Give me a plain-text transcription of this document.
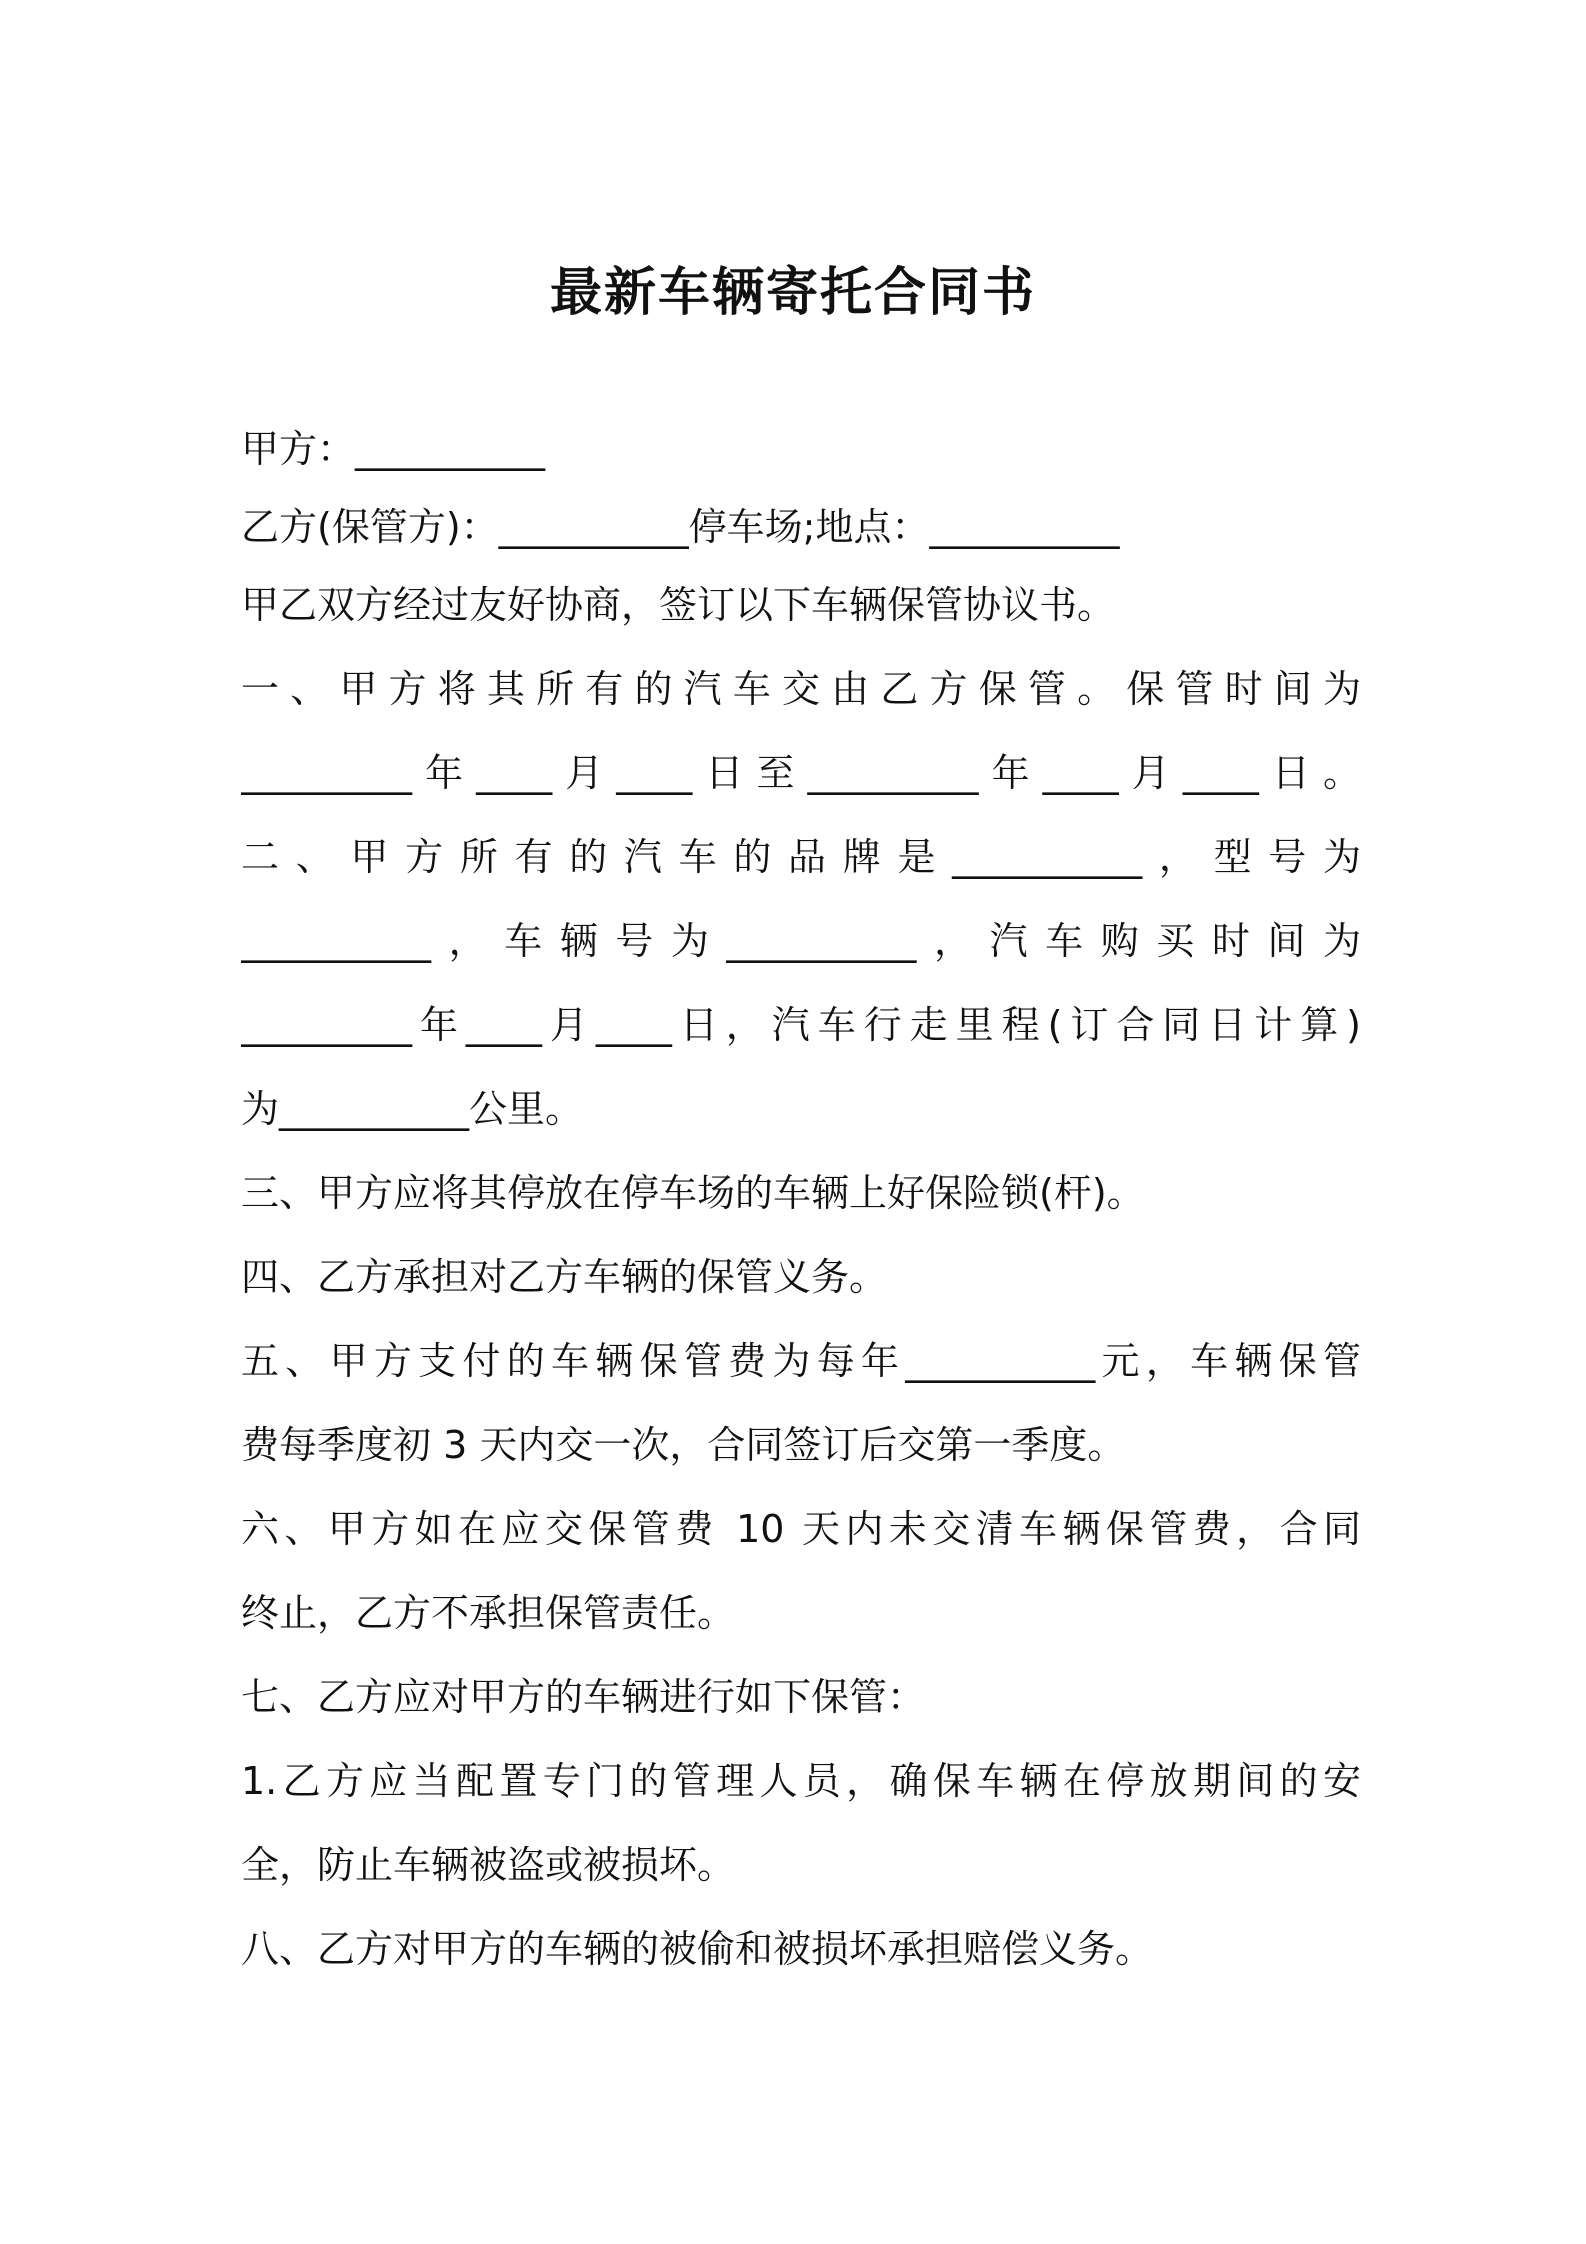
最新车辆寄托合同书
甲方：__________
乙方(保管方)：__________停车场;地点：__________
甲乙双方经过友好协商，签订以下车辆保管协议书。
一、甲方将其所有的汽车交由乙方保管。保管时间为
_________年____月____日至_________年____月____日。
二、甲方所有的汽车的品牌是__________，型号为
__________，车辆号为__________，汽车购买时间为
_________年____月____日，汽车行走里程(订合同日计算)
为__________公里。
三、甲方应将其停放在停车场的车辆上好保险锁(杆)。
四、乙方承担对乙方车辆的保管义务。
五、甲方支付的车辆保管费为每年__________元，车辆保管
费每季度初 3 天内交一次，合同签订后交第一季度。
六、甲方如在应交保管费 10 天内未交清车辆保管费，合同
终止，乙方不承担保管责任。
七、乙方应对甲方的车辆进行如下保管：
1.乙方应当配置专门的管理人员，确保车辆在停放期间的安
全，防止车辆被盗或被损坏。
八、乙方对甲方的车辆的被偷和被损坏承担赔偿义务。
